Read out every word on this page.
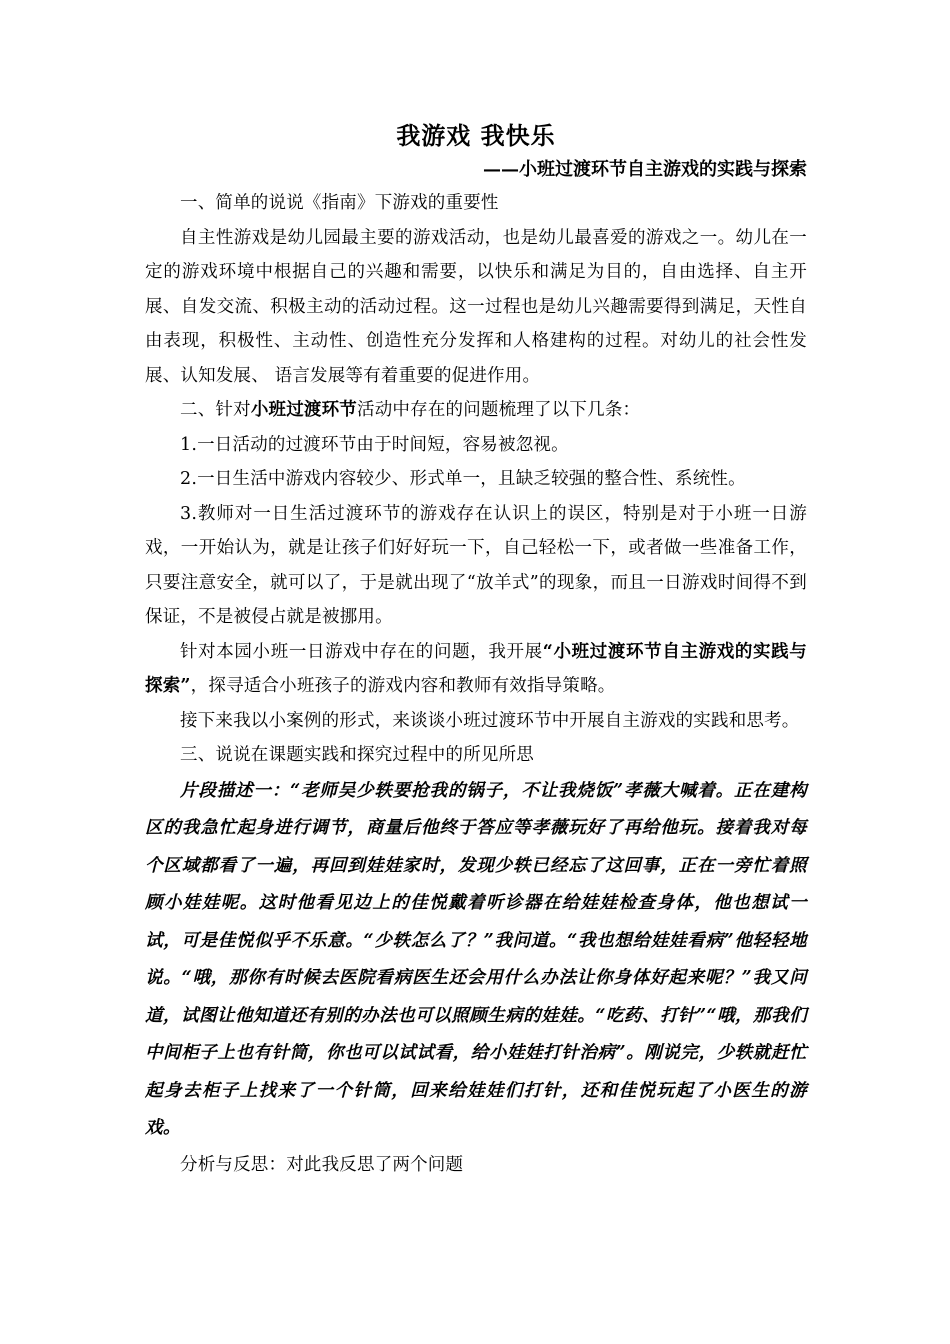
我游戏 我快乐
——小班过渡环节自主游戏的实践与探索

一、简单的说说《指南》下游戏的重要性

自主性游戏是幼儿园最主要的游戏活动，也是幼儿最喜爱的游戏之一。幼儿在一定的游戏环境中根据自己的兴趣和需要，以快乐和满足为目的，自由选择、自主开展、自发交流、积极主动的活动过程。这一过程也是幼儿兴趣需要得到满足，天性自由表现，积极性、主动性、创造性充分发挥和人格建构的过程。对幼儿的社会性发展、认知发展、 语言发展等有着重要的促进作用。

二、针对小班过渡环节活动中存在的问题梳理了以下几条：

1.一日活动的过渡环节由于时间短，容易被忽视。

2.一日生活中游戏内容较少、形式单一，且缺乏较强的整合性、系统性。

3.教师对一日生活过渡环节的游戏存在认识上的误区，特别是对于小班一日游戏，一开始认为，就是让孩子们好好玩一下，自己轻松一下，或者做一些准备工作，只要注意安全，就可以了，于是就出现了“放羊式”的现象，而且一日游戏时间得不到保证，不是被侵占就是被挪用。

针对本园小班一日游戏中存在的问题，我开展“小班过渡环节自主游戏的实践与探索”，探寻适合小班孩子的游戏内容和教师有效指导策略。

接下来我以小案例的形式，来谈谈小班过渡环节中开展自主游戏的实践和思考。

三、说说在课题实践和探究过程中的所见所思

片段描述一：“老师吴少轶要抢我的锅子，不让我烧饭”孝薇大喊着。正在建构区的我急忙起身进行调节，商量后他终于答应等孝薇玩好了再给他玩。接着我对每个区域都看了一遍，再回到娃娃家时，发现少轶已经忘了这回事，正在一旁忙着照顾小娃娃呢。这时他看见边上的佳悦戴着听诊器在给娃娃检查身体，他也想试一试，可是佳悦似乎不乐意。“少轶怎么了？”我问道。“我也想给娃娃看病”他轻轻地说。“哦，那你有时候去医院看病医生还会用什么办法让你身体好起来呢？”我又问道，试图让他知道还有别的办法也可以照顾生病的娃娃。“吃药、打针”“哦，那我们中间柜子上也有针筒，你也可以试试看，给小娃娃打针治病”。刚说完，少轶就赶忙起身去柜子上找来了一个针筒，回来给娃娃们打针，还和佳悦玩起了小医生的游戏。

分析与反思：对此我反思了两个问题
